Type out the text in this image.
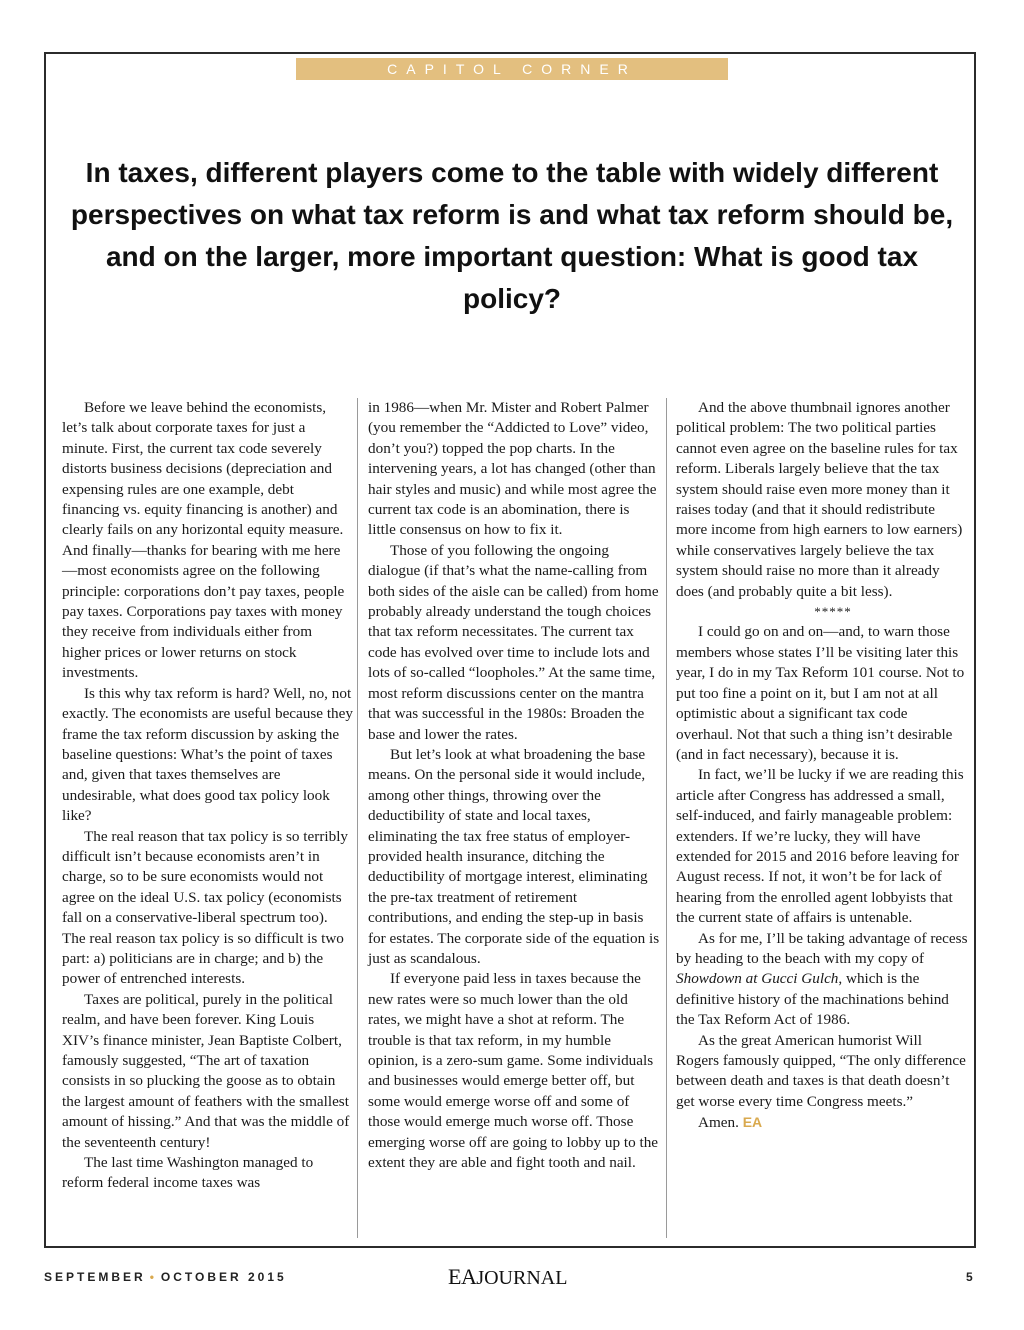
CAPITOL CORNER
In taxes, different players come to the table with widely different perspectives on what tax reform is and what tax reform should be, and on the larger, more important question: What is good tax policy?

Before we leave behind the economists, let’s talk about corporate taxes for just a minute. First, the current tax code severely distorts business decisions (depreciation and expensing rules are one example, debt financing vs. equity financing is another) and clearly fails on any horizontal equity measure. And finally—thanks for bearing with me here—most economists agree on the following principle: corporations don’t pay taxes, people pay taxes. Corporations pay taxes with money they receive from individuals either from higher prices or lower returns on stock investments.

Is this why tax reform is hard? Well, no, not exactly. The economists are useful because they frame the tax reform discussion by asking the baseline questions: What’s the point of taxes and, given that taxes themselves are undesirable, what does good tax policy look like?

The real reason that tax policy is so terribly difficult isn’t because economists aren’t in charge, so to be sure economists would not agree on the ideal U.S. tax policy (economists fall on a conservative-liberal spectrum too). The real reason tax policy is so difficult is two part: a) politicians are in charge; and b) the power of entrenched interests.

Taxes are political, purely in the political realm, and have been forever. King Louis XIV’s finance minister, Jean Baptiste Colbert, famously suggested, “The art of taxation consists in so plucking the goose as to obtain the largest amount of feathers with the smallest amount of hissing.” And that was the middle of the seventeenth century!

The last time Washington managed to reform federal income taxes was

in 1986—when Mr. Mister and Robert Palmer (you remember the “Addicted to Love” video, don’t you?) topped the pop charts. In the intervening years, a lot has changed (other than hair styles and music) and while most agree the current tax code is an abomination, there is little consensus on how to fix it.

Those of you following the ongoing dialogue (if that’s what the name-calling from both sides of the aisle can be called) from home probably already understand the tough choices that tax reform necessitates. The current tax code has evolved over time to include lots and lots of so-called “loopholes.” At the same time, most reform discussions center on the mantra that was successful in the 1980s: Broaden the base and lower the rates.

But let’s look at what broadening the base means. On the personal side it would include, among other things, throwing over the deductibility of state and local taxes, eliminating the tax free status of employer-provided health insurance, ditching the deductibility of mortgage interest, eliminating the pre-tax treatment of retirement contributions, and ending the step-up in basis for estates. The corporate side of the equation is just as scandalous.

If everyone paid less in taxes because the new rates were so much lower than the old rates, we might have a shot at reform. The trouble is that tax reform, in my humble opinion, is a zero-sum game. Some individuals and businesses would emerge better off, but some would emerge worse off and some of those would emerge much worse off. Those emerging worse off are going to lobby up to the extent they are able and fight tooth and nail.

And the above thumbnail ignores another political problem: The two political parties cannot even agree on the baseline rules for tax reform. Liberals largely believe that the tax system should raise even more money than it raises today (and that it should redistribute more income from high earners to low earners) while conservatives largely believe the tax system should raise no more than it already does (and probably quite a bit less).

*****

I could go on and on—and, to warn those members whose states I’ll be visiting later this year, I do in my Tax Reform 101 course. Not to put too fine a point on it, but I am not at all optimistic about a significant tax code overhaul. Not that such a thing isn’t desirable (and in fact necessary), because it is.

In fact, we’ll be lucky if we are reading this article after Congress has addressed a small, self-induced, and fairly manageable problem: extenders. If we’re lucky, they will have extended for 2015 and 2016 before leaving for August recess. If not, it won’t be for lack of hearing from the enrolled agent lobbyists that the current state of affairs is untenable.

As for me, I’ll be taking advantage of recess by heading to the beach with my copy of Showdown at Gucci Gulch, which is the definitive history of the machinations behind the Tax Reform Act of 1986.

As the great American humorist Will Rogers famously quipped, “The only difference between death and taxes is that death doesn’t get worse every time Congress meets.”

Amen. EA

SEPTEMBER • OCTOBER 2015	EAJOURNAL	5
